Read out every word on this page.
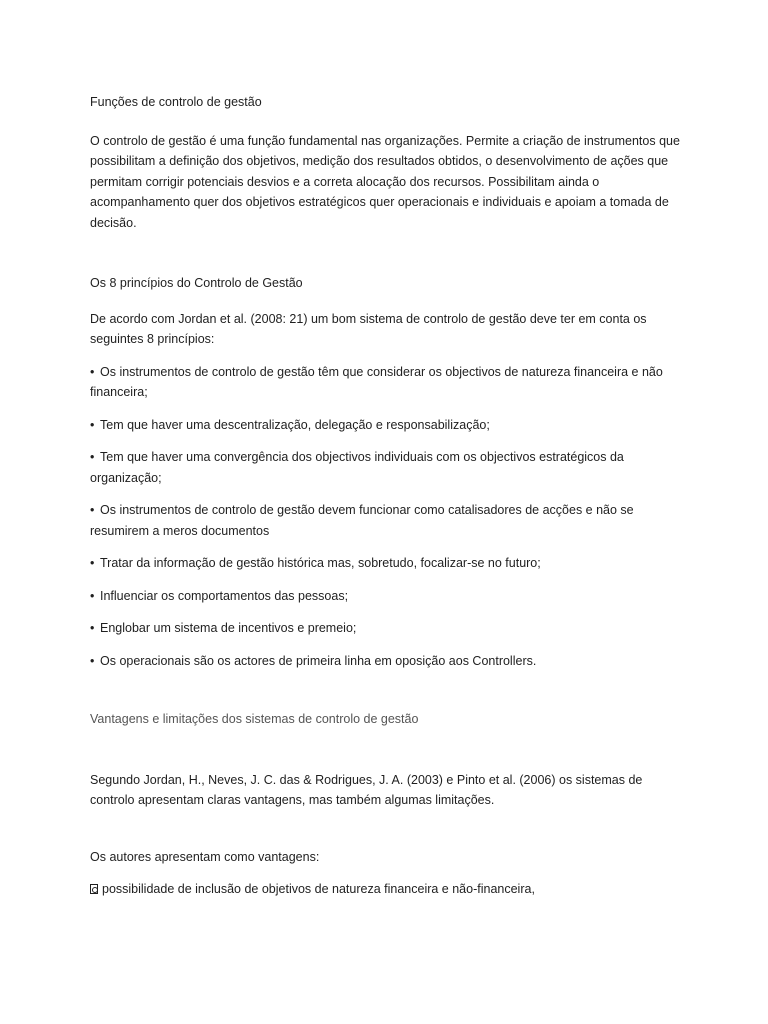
Funções de controlo de gestão

O controlo de gestão é uma função fundamental nas organizações. Permite a criação de instrumentos que possibilitam a definição dos objetivos, medição dos resultados obtidos, o desenvolvimento de ações que permitam corrigir potenciais desvios e a correta alocação dos recursos. Possibilitam ainda o acompanhamento quer dos objetivos estratégicos quer operacionais e individuais e apoiam a tomada de decisão.

Os 8 princípios do Controlo de Gestão

De acordo com Jordan et al. (2008: 21) um bom sistema de controlo de gestão deve ter em conta os seguintes 8 princípios:

• Os instrumentos de controlo de gestão têm que considerar os objectivos de natureza financeira e não financeira;
• Tem que haver uma descentralização, delegação e responsabilização;
• Tem que haver uma convergência dos objectivos individuais com os objectivos estratégicos da organização;
• Os instrumentos de controlo de gestão devem funcionar como catalisadores de acções e não se resumirem a meros documentos
• Tratar da informação de gestão histórica mas, sobretudo, focalizar-se no futuro;
• Influenciar os comportamentos das pessoas;
• Englobar um sistema de incentivos e premeio;
• Os operacionais são os actores de primeira linha em oposição aos Controllers.

Vantagens e limitações dos sistemas de controlo de gestão

Segundo Jordan, H., Neves, J. C. das & Rodrigues, J. A. (2003) e Pinto et al. (2006) os sistemas de controlo apresentam claras vantagens, mas também algumas limitações.

Os autores apresentam como vantagens:

possibilidade de inclusão de objetivos de natureza financeira e não-financeira,
